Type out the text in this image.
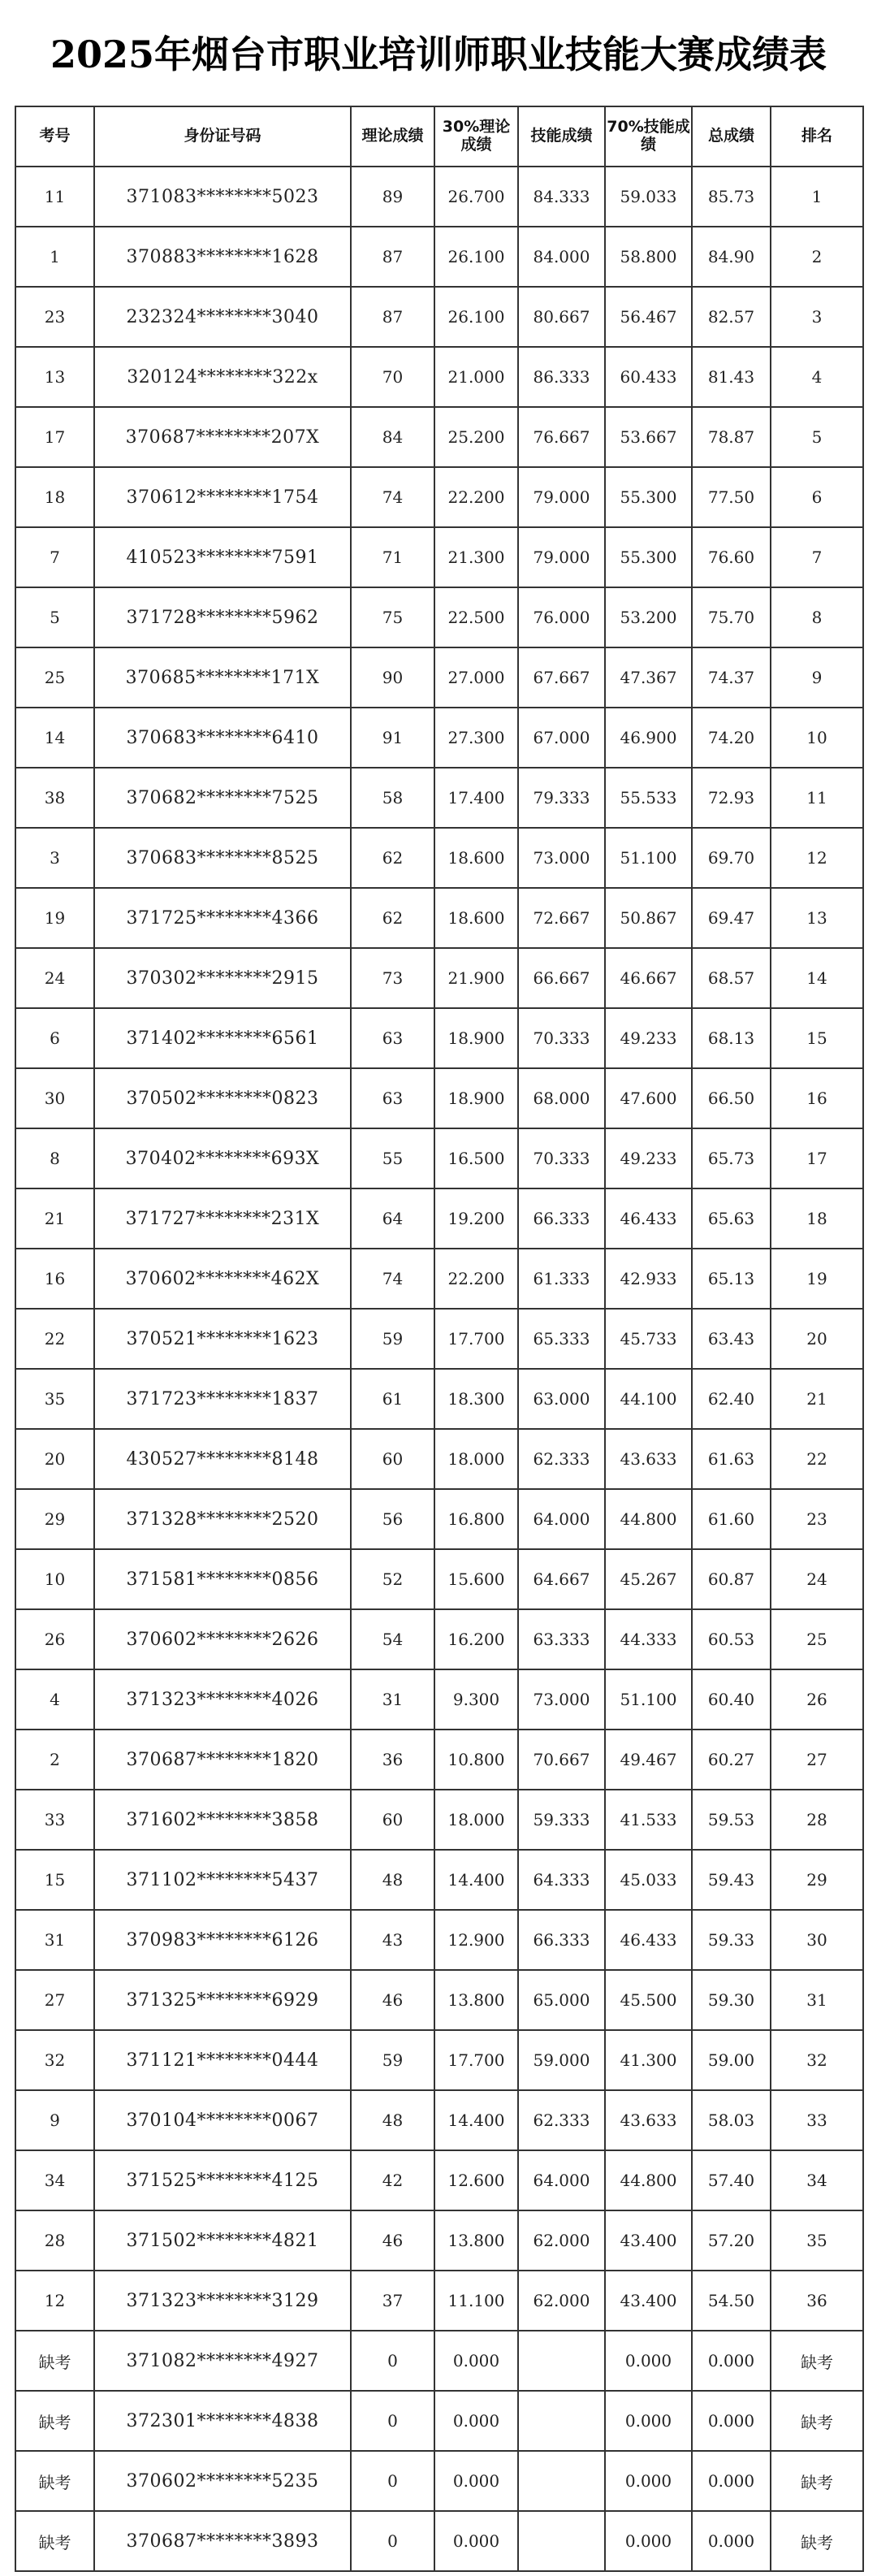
2025年烟台市职业培训师职业技能大赛成绩表
考号	身份证号码	理论成绩	30%理论成绩	技能成绩	70%技能成绩	总成绩	排名
11	371083********5023	89	26.700	84.333	59.033	85.73	1
1	370883********1628	87	26.100	84.000	58.800	84.90	2
23	232324********3040	87	26.100	80.667	56.467	82.57	3
13	320124********322x	70	21.000	86.333	60.433	81.43	4
17	370687********207X	84	25.200	76.667	53.667	78.87	5
18	370612********1754	74	22.200	79.000	55.300	77.50	6
7	410523********7591	71	21.300	79.000	55.300	76.60	7
5	371728********5962	75	22.500	76.000	53.200	75.70	8
25	370685********171X	90	27.000	67.667	47.367	74.37	9
14	370683********6410	91	27.300	67.000	46.900	74.20	10
38	370682********7525	58	17.400	79.333	55.533	72.93	11
3	370683********8525	62	18.600	73.000	51.100	69.70	12
19	371725********4366	62	18.600	72.667	50.867	69.47	13
24	370302********2915	73	21.900	66.667	46.667	68.57	14
6	371402********6561	63	18.900	70.333	49.233	68.13	15
30	370502********0823	63	18.900	68.000	47.600	66.50	16
8	370402********693X	55	16.500	70.333	49.233	65.73	17
21	371727********231X	64	19.200	66.333	46.433	65.63	18
16	370602********462X	74	22.200	61.333	42.933	65.13	19
22	370521********1623	59	17.700	65.333	45.733	63.43	20
35	371723********1837	61	18.300	63.000	44.100	62.40	21
20	430527********8148	60	18.000	62.333	43.633	61.63	22
29	371328********2520	56	16.800	64.000	44.800	61.60	23
10	371581********0856	52	15.600	64.667	45.267	60.87	24
26	370602********2626	54	16.200	63.333	44.333	60.53	25
4	371323********4026	31	9.300	73.000	51.100	60.40	26
2	370687********1820	36	10.800	70.667	49.467	60.27	27
33	371602********3858	60	18.000	59.333	41.533	59.53	28
15	371102********5437	48	14.400	64.333	45.033	59.43	29
31	370983********6126	43	12.900	66.333	46.433	59.33	30
27	371325********6929	46	13.800	65.000	45.500	59.30	31
32	371121********0444	59	17.700	59.000	41.300	59.00	32
9	370104********0067	48	14.400	62.333	43.633	58.03	33
34	371525********4125	42	12.600	64.000	44.800	57.40	34
28	371502********4821	46	13.800	62.000	43.400	57.20	35
12	371323********3129	37	11.100	62.000	43.400	54.50	36
缺考	371082********4927	0	0.000		0.000	0.000	缺考
缺考	372301********4838	0	0.000		0.000	0.000	缺考
缺考	370602********5235	0	0.000		0.000	0.000	缺考
缺考	370687********3893	0	0.000		0.000	0.000	缺考
